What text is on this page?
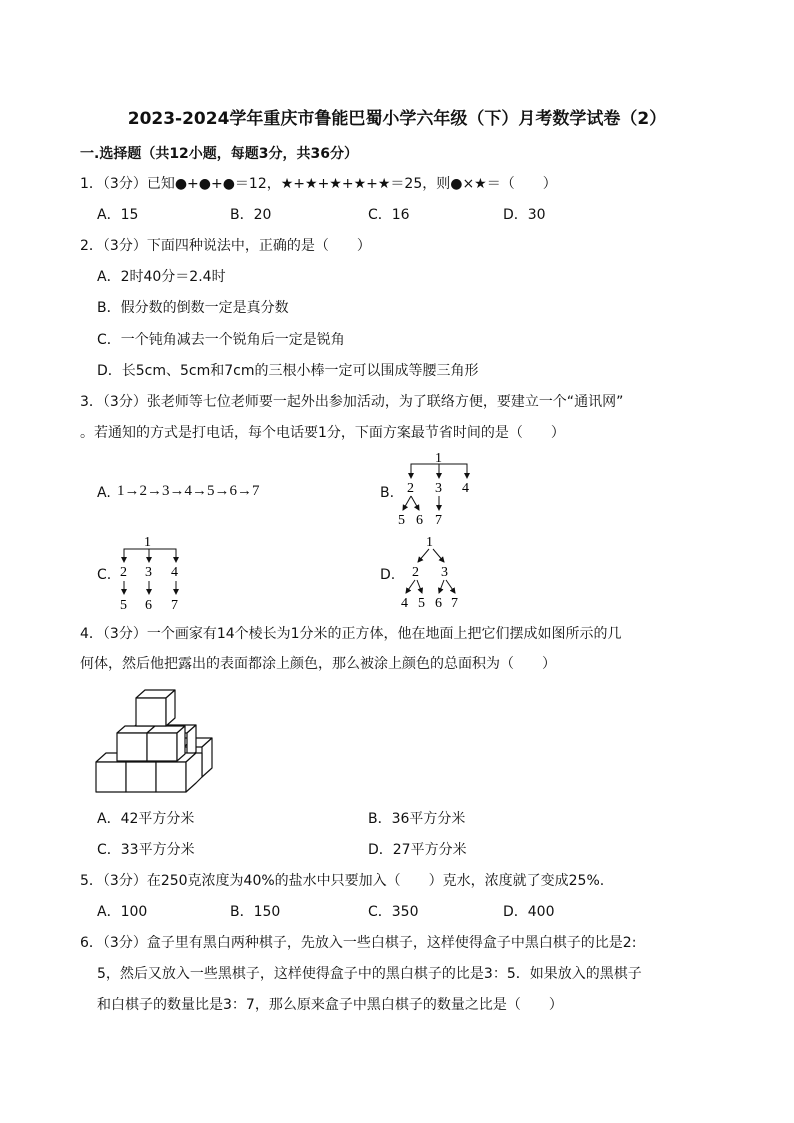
2023-2024学年重庆市鲁能巴蜀小学六年级（下）月考数学试卷（2）
一.选择题（共12小题，每题3分，共36分）
1．（3分）已知●+●+●＝12，★+★+★+★+★＝25，则●×★＝（　　）
A．15	B．20	C．16	D．30
2．（3分）下面四种说法中，正确的是（　　）
A．2时40分＝2.4时
B．假分数的倒数一定是真分数
C．一个钝角减去一个锐角后一定是锐角
D．长5cm、5cm和7cm的三根小棒一定可以围成等腰三角形
3．（3分）张老师等七位老师要一起外出参加活动，为了联络方便，要建立一个“通讯网”
。若通知的方式是打电话，每个电话要1分，下面方案最节省时间的是（　　）
A. 1→2→3→4→5→6→7	B.
1
2 3 4
5 6 7
C.
1
2 3 4
5 6 7
D.
1
2 3
4 5 6 7
4．（3分）一个画家有14个棱长为1分米的正方体，他在地面上把它们摆成如图所示的几
何体，然后他把露出的表面都涂上颜色，那么被涂上颜色的总面积为（　　）
A．42平方分米	B．36平方分米
C．33平方分米	D．27平方分米
5．（3分）在250克浓度为40%的盐水中只要加入（　　）克水，浓度就了变成25%.
A．100	B．150	C．350	D．400
6．（3分）盒子里有黑白两种棋子，先放入一些白棋子，这样使得盒子中黑白棋子的比是2:
5，然后又放入一些黑棋子，这样使得盒子中的黑白棋子的比是3：5．如果放入的黑棋子
和白棋子的数量比是3：7，那么原来盒子中黑白棋子的数量之比是（　　）
